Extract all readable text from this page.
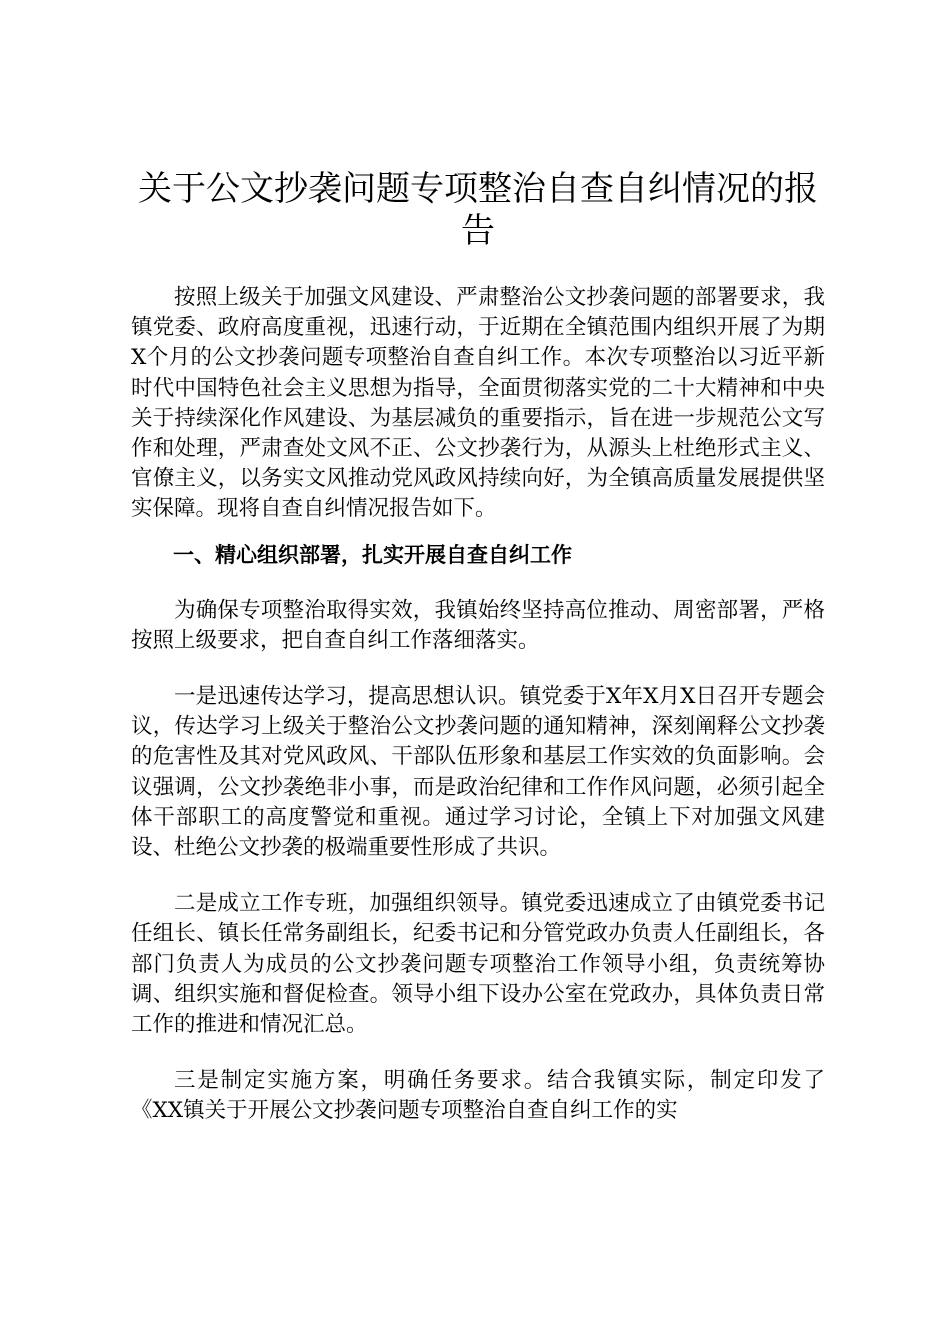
关于公文抄袭问题专项整治自查自纠情况的报告

按照上级关于加强文风建设、严肃整治公文抄袭问题的部署要求，我镇党委、政府高度重视，迅速行动，于近期在全镇范围内组织开展了为期X个月的公文抄袭问题专项整治自查自纠工作。本次专项整治以习近平新时代中国特色社会主义思想为指导，全面贯彻落实党的二十大精神和中央关于持续深化作风建设、为基层减负的重要指示，旨在进一步规范公文写作和处理，严肃查处文风不正、公文抄袭行为，从源头上杜绝形式主义、官僚主义，以务实文风推动党风政风持续向好，为全镇高质量发展提供坚实保障。现将自查自纠情况报告如下。

一、精心组织部署，扎实开展自查自纠工作

为确保专项整治取得实效，我镇始终坚持高位推动、周密部署，严格按照上级要求，把自查自纠工作落细落实。

一是迅速传达学习，提高思想认识。镇党委于X年X月X日召开专题会议，传达学习上级关于整治公文抄袭问题的通知精神，深刻阐释公文抄袭的危害性及其对党风政风、干部队伍形象和基层工作实效的负面影响。会议强调，公文抄袭绝非小事，而是政治纪律和工作作风问题，必须引起全体干部职工的高度警觉和重视。通过学习讨论，全镇上下对加强文风建设、杜绝公文抄袭的极端重要性形成了共识。

二是成立工作专班，加强组织领导。镇党委迅速成立了由镇党委书记任组长、镇长任常务副组长，纪委书记和分管党政办负责人任副组长，各部门负责人为成员的公文抄袭问题专项整治工作领导小组，负责统筹协调、组织实施和督促检查。领导小组下设办公室在党政办，具体负责日常工作的推进和情况汇总。

三是制定实施方案，明确任务要求。结合我镇实际，制定印发了《XX镇关于开展公文抄袭问题专项整治自查自纠工作的实
